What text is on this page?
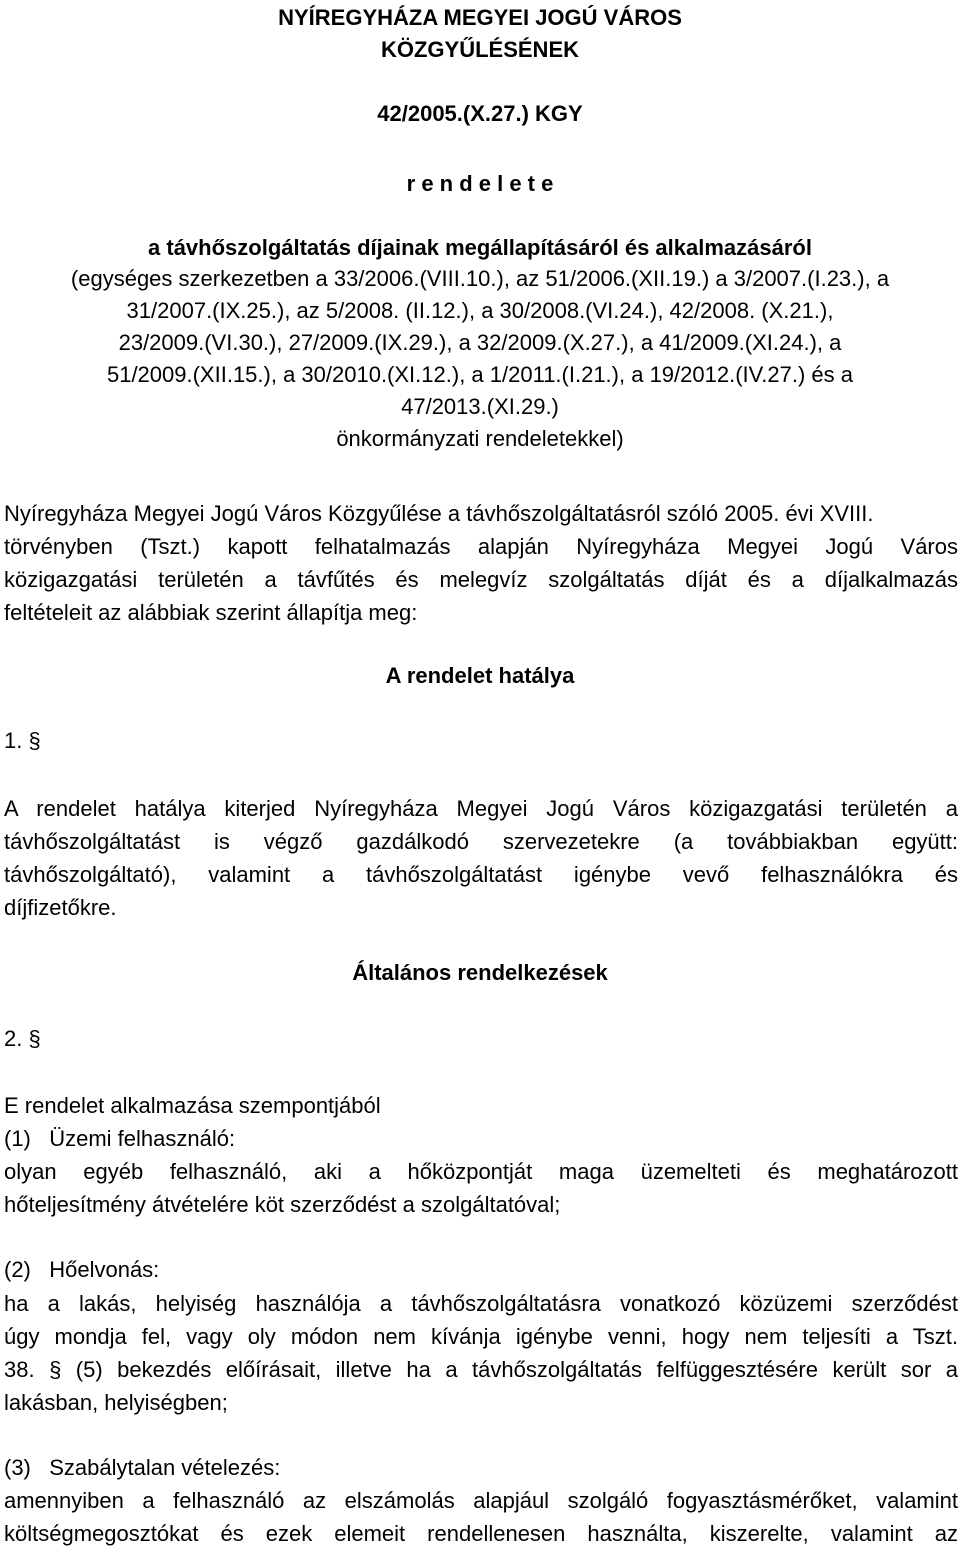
NYÍREGYHÁZA MEGYEI JOGÚ VÁROS
KÖZGYŰLÉSÉNEK
42/2005.(X.27.) KGY
r e n d e l e t e
a távhőszolgáltatás díjainak megállapításáról és alkalmazásáról
(egységes szerkezetben a 33/2006.(VIII.10.), az 51/2006.(XII.19.) a 3/2007.(I.23.), a
31/2007.(IX.25.), az 5/2008. (II.12.), a 30/2008.(VI.24.), 42/2008. (X.21.),
23/2009.(VI.30.), 27/2009.(IX.29.), a 32/2009.(X.27.), a 41/2009.(XI.24.), a
51/2009.(XII.15.), a 30/2010.(XI.12.), a 1/2011.(I.21.), a 19/2012.(IV.27.) és a
47/2013.(XI.29.)
önkormányzati rendeletekkel)
Nyíregyháza Megyei Jogú Város Közgyűlése a távhőszolgáltatásról szóló 2005. évi XVIII.
törvényben (Tszt.) kapott felhatalmazás alapján Nyíregyháza Megyei Jogú Város
közigazgatási területén a távfűtés és melegvíz szolgáltatás díját és a díjalkalmazás
feltételeit az alábbiak szerint állapítja meg:
A rendelet hatálya
1. §
A rendelet hatálya kiterjed Nyíregyháza Megyei Jogú Város közigazgatási területén a
távhőszolgáltatást is végző gazdálkodó szervezetekre (a továbbiakban együtt:
távhőszolgáltató), valamint a távhőszolgáltatást igénybe vevő felhasználókra és
díjfizetőkre.
Általános rendelkezések
2. §
E rendelet alkalmazása szempontjából
(1)   Üzemi felhasználó:
olyan egyéb felhasználó, aki a hőközpontját maga üzemelteti és meghatározott
hőteljesítmény átvételére köt szerződést a szolgáltatóval;
(2)   Hőelvonás:
ha a lakás, helyiség használója a távhőszolgáltatásra vonatkozó közüzemi szerződést
úgy mondja fel, vagy oly módon nem kívánja igénybe venni, hogy nem teljesíti a Tszt.
38. § (5) bekezdés előírásait, illetve ha a távhőszolgáltatás felfüggesztésére került sor a
lakásban, helyiségben;
(3)   Szabálytalan vételezés:
amennyiben a felhasználó az elszámolás alapjául szolgáló fogyasztásmérőket, valamint
költségmegosztókat és ezek elemeit rendellenesen használta, kiszerelte, valamint az
